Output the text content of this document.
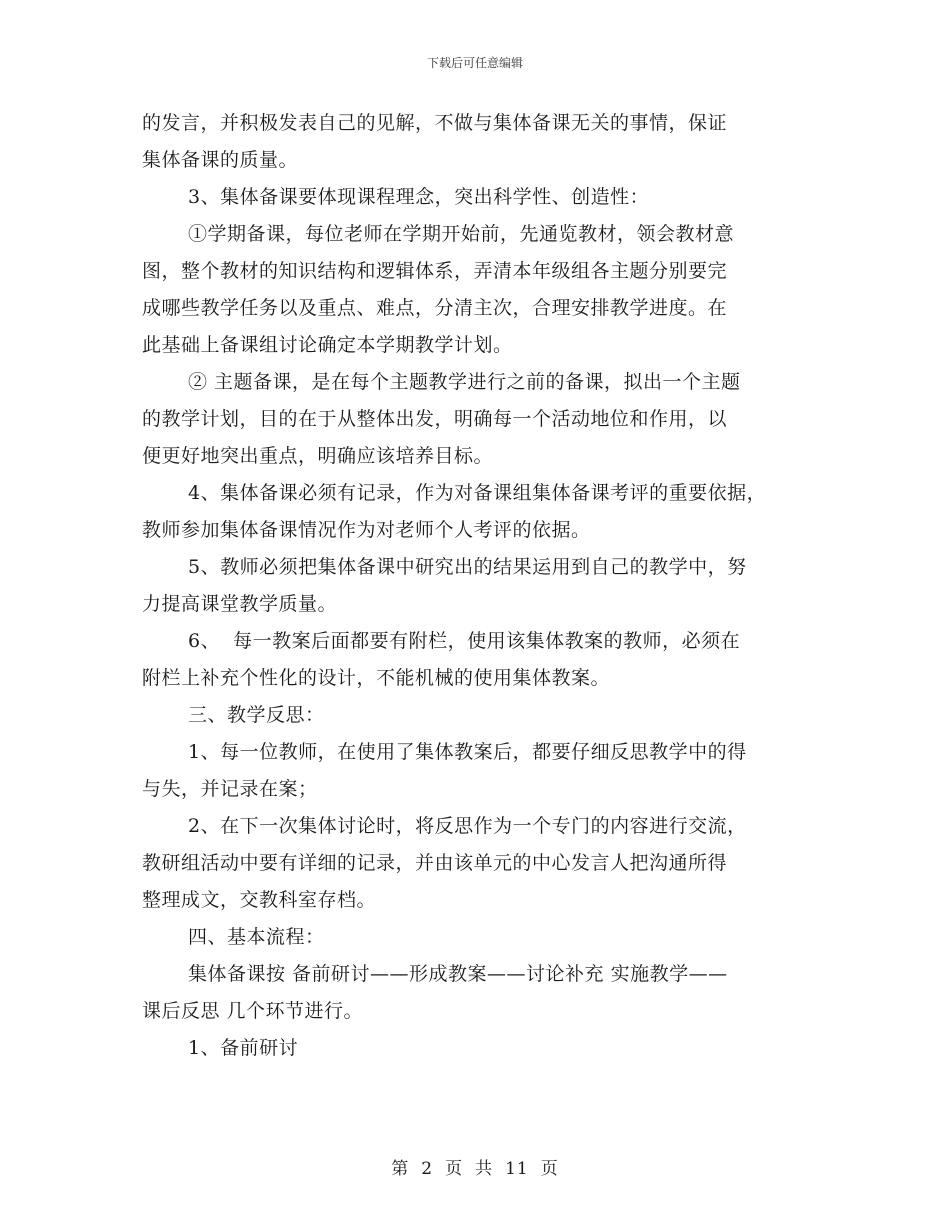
下载后可任意编辑
的发言，并积极发表自己的见解，不做与集体备课无关的事情，保证
集体备课的质量。
3、集体备课要体现课程理念，突出科学性、创造性：
①学期备课，每位老师在学期开始前，先通览教材，领会教材意
图，整个教材的知识结构和逻辑体系，弄清本年级组各主题分别要完
成哪些教学任务以及重点、难点，分清主次，合理安排教学进度。在
此基础上备课组讨论确定本学期教学计划。
② 主题备课，是在每个主题教学进行之前的备课，拟出一个主题
的教学计划，目的在于从整体出发，明确每一个活动地位和作用，以
便更好地突出重点，明确应该培养目标。
4、集体备课必须有记录，作为对备课组集体备课考评的重要依据，
教师参加集体备课情况作为对老师个人考评的依据。
5、教师必须把集体备课中研究出的结果运用到自己的教学中，努
力提高课堂教学质量。
6、  每一教案后面都要有附栏，使用该集体教案的教师，必须在
附栏上补充个性化的设计，不能机械的使用集体教案。
三、教学反思：
1、每一位教师，在使用了集体教案后，都要仔细反思教学中的得
与失，并记录在案；
2、在下一次集体讨论时，将反思作为一个专门的内容进行交流，
教研组活动中要有详细的记录，并由该单元的中心发言人把沟通所得
整理成文，交教科室存档。
四、基本流程：
集体备课按 备前研讨——形成教案——讨论补充 实施教学——
课后反思 几个环节进行。
1、备前研讨
第 2 页 共 11 页
